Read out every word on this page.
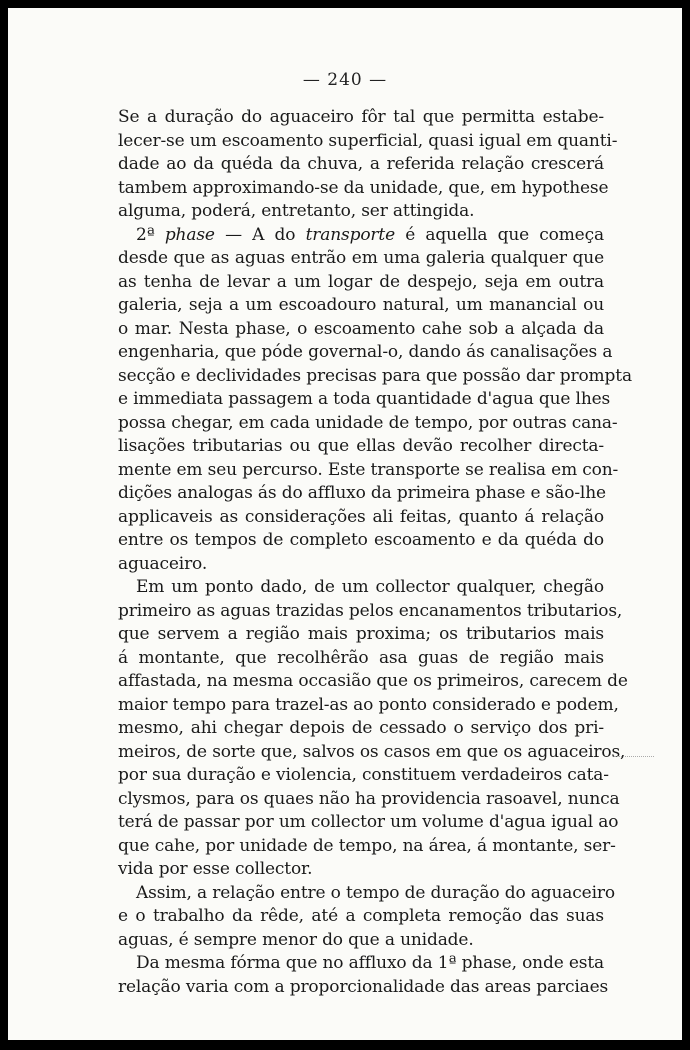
— 240 —
Se a duração do aguaceiro fôr tal que permitta estabe-
lecer-se um escoamento superficial, quasi igual em quanti-
dade ao da quéda da chuva, a referida relação crescerá
tambem approximando-se da unidade, que, em hypothese
alguma, poderá, entretanto, ser attingida.
2ª phase — A do transporte é aquella que começa
desde que as aguas entrão em uma galeria qualquer que
as tenha de levar a um logar de despejo, seja em outra
galeria, seja a um escoadouro natural, um manancial ou
o mar. Nesta phase, o escoamento cahe sob a alçada da
engenharia, que póde governal-o, dando ás canalisações a
secção e declividades precisas para que possão dar prompta
e immediata passagem a toda quantidade d'agua que lhes
possa chegar, em cada unidade de tempo, por outras cana-
lisações tributarias ou que ellas devão recolher directa-
mente em seu percurso. Este transporte se realisa em con-
dições analogas ás do affluxo da primeira phase e são-lhe
applicaveis as considerações ali feitas, quanto á relação
entre os tempos de completo escoamento e da quéda do
aguaceiro.
Em um ponto dado, de um collector qualquer, chegão
primeiro as aguas trazidas pelos encanamentos tributarios,
que servem a região mais proxima; os tributarios mais
á montante, que recolhêrão asa guas de região mais
affastada, na mesma occasião que os primeiros, carecem de
maior tempo para trazel-as ao ponto considerado e podem,
mesmo, ahi chegar depois de cessado o serviço dos pri-
meiros, de sorte que, salvos os casos em que os aguaceiros,
por sua duração e violencia, constituem verdadeiros cata-
clysmos, para os quaes não ha providencia rasoavel, nunca
terá de passar por um collector um volume d'agua igual ao
que cahe, por unidade de tempo, na área, á montante, ser-
vida por esse collector.
Assim, a relação entre o tempo de duração do aguaceiro
e o trabalho da rêde, até a completa remoção das suas
aguas, é sempre menor do que a unidade.
Da mesma fórma que no affluxo da 1ª phase, onde esta
relação varia com a proporcionalidade das areas parciaes
